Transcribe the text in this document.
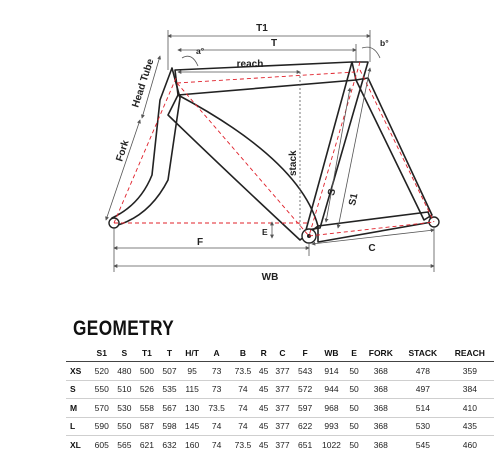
T1
T
a°
b°
reach
Head Tube
Fork	stack
S
S1
E
F
C
WB
GEOMETRY
	S1	S	T1	T	H/T	A	B	R	C	F	WB	E	FORK	STACK	REACH
XS	520	480	500	507	95	73	73.5	45	377	543	914	50	368	478	359
S	550	510	526	535	115	73	74	45	377	572	944	50	368	497	384
M	570	530	558	567	130	73.5	74	45	377	597	968	50	368	514	410
L	590	550	587	598	145	74	74	45	377	622	993	50	368	530	435
XL	605	565	621	632	160	74	73.5	45	377	651	1022	50	368	545	460
